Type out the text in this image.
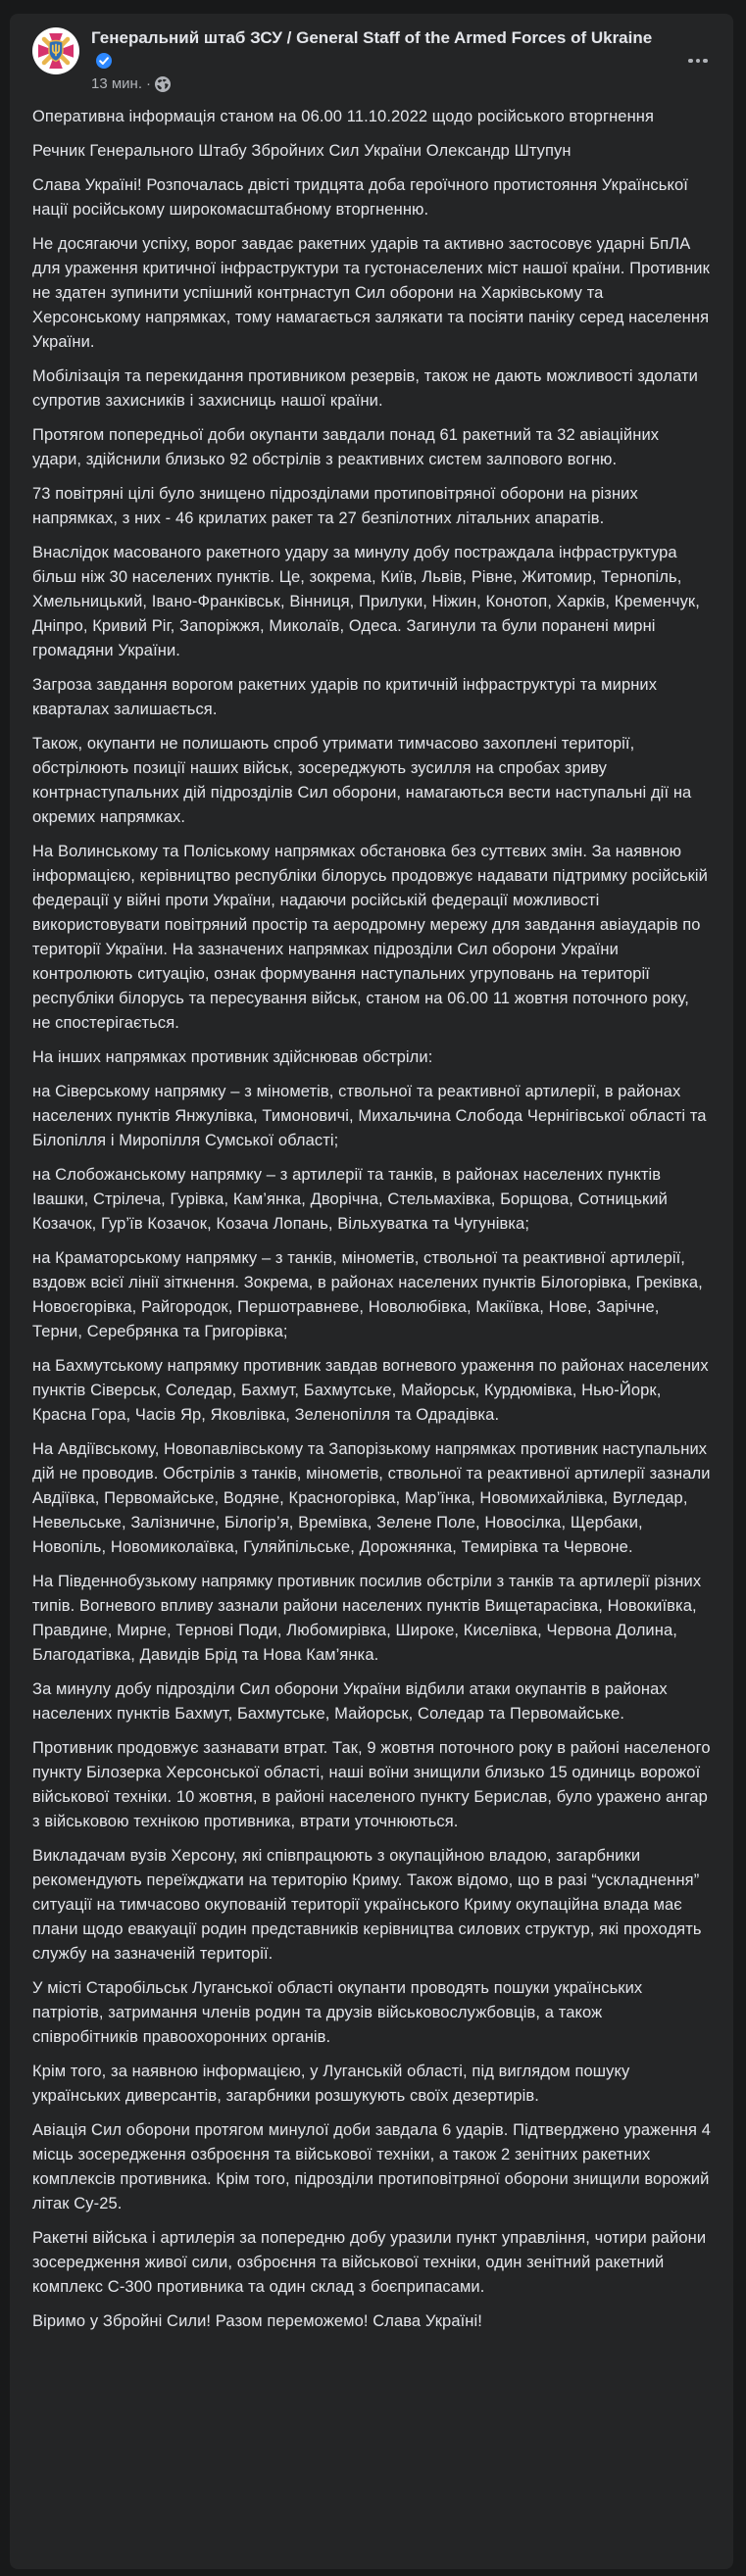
Генеральний штаб ЗСУ / General Staff of the Armed Forces of Ukraine
13 мин. ·

Оперативна інформація станом на 06.00 11.10.2022 щодо російського вторгнення

Речник Генерального Штабу Збройних Сил України Олександр Штупун

Слава Україні! Розпочалась двісті тридцята доба героїчного протистояння Української нації російському широкомасштабному вторгненню.

Не досягаючи успіху, ворог завдає ракетних ударів та активно застосовує ударні БпЛА для ураження критичної інфраструктури та густонаселених міст нашої країни. Противник не здатен зупинити успішний контрнаступ Сил оборони на Харківському та Херсонському напрямках, тому намагається залякати та посіяти паніку серед населення України.

Мобілізація та перекидання противником резервів, також не дають можливості здолати супротив захисників і захисниць нашої країни.

Протягом попередньої доби окупанти завдали понад 61 ракетний та 32 авіаційних удари, здійснили близько 92 обстрілів з реактивних систем залпового вогню.

73 повітряні цілі було знищено підрозділами протиповітряної оборони на різних напрямках, з них - 46 крилатих ракет та 27 безпілотних літальних апаратів.

Внаслідок масованого ракетного удару за минулу добу постраждала інфраструктура більш ніж 30 населених пунктів. Це, зокрема, Київ, Львів, Рівне, Житомир, Тернопіль, Хмельницький, Івано-Франківськ, Вінниця, Прилуки, Ніжин, Конотоп, Харків, Кременчук, Дніпро, Кривий Ріг, Запоріжжя, Миколаїв, Одеса. Загинули та були поранені мирні громадяни України.

Загроза завдання ворогом ракетних ударів по критичній інфраструктурі та мирних кварталах залишається.

Також, окупанти не полишають спроб утримати тимчасово захоплені території, обстрілюють позиції наших військ, зосереджують зусилля на спробах зриву контрнаступальних дій підрозділів Сил оборони, намагаються вести наступальні дії на окремих напрямках.

На Волинському та Поліському напрямках обстановка без суттєвих змін. За наявною інформацією, керівництво республіки білорусь продовжує надавати підтримку російській федерації у війні проти України, надаючи російській федерації можливості використовувати повітряний простір та аеродромну мережу для завдання авіаударів по території України. На зазначених напрямках підрозділи Сил оборони України контролюють ситуацію, ознак формування наступальних угруповань на території республіки білорусь та пересування військ, станом на 06.00 11 жовтня поточного року, не спостерігається.

На інших напрямках противник здійснював обстріли:

на Сіверському напрямку – з мінометів, ствольної та реактивної артилерії, в районах населених пунктів Янжулівка, Тимоновичі, Михальчина Слобода Чернігівської області та Білопілля і Миропілля Сумської області;

на Слобожанському напрямку – з артилерії та танків, в районах населених пунктів Івашки, Стрілеча, Гурівка, Кам’янка, Дворічна, Стельмахівка, Борщова, Сотницький Козачок, Гур’їв Козачок, Козача Лопань, Вільхуватка та Чугунівка;

на Краматорському напрямку – з танків, мінометів, ствольної та реактивної артилерії, вздовж всієї лінії зіткнення. Зокрема, в районах населених пунктів Білогорівка, Греківка, Новоєгорівка, Райгородок, Першотравневе, Новолюбівка, Макіївка, Нове, Зарічне, Терни, Серебрянка та Григорівка;

на Бахмутському напрямку противник завдав вогневого ураження по районах населених пунктів Сіверськ, Соледар, Бахмут, Бахмутське, Майорськ, Курдюмівка, Нью-Йорк, Красна Гора, Часів Яр, Яковлівка, Зеленопілля та Одрадівка.

На Авдіївському, Новопавлівському та Запорізькому напрямках противник наступальних дій не проводив. Обстрілів з танків, мінометів, ствольної та реактивної артилерії зазнали Авдіївка, Первомайське, Водяне, Красногорівка, Мар’їнка, Новомихайлівка, Вугледар, Невельське, Залізничне, Білогір’я, Времівка, Зелене Поле, Новосілка, Щербаки, Новопіль, Новомиколаївка, Гуляйпільське, Дорожнянка, Темирівка та Червоне.

На Південнобузькому напрямку противник посилив обстріли з танків та артилерії різних типів. Вогневого впливу зазнали райони населених пунктів Вищетарасівка, Новокиївка, Правдине, Мирне, Тернові Поди, Любомирівка, Широке, Киселівка, Червона Долина, Благодатівка, Давидів Брід та Нова Кам’янка.

За минулу добу підрозділи Сил оборони України відбили атаки окупантів в районах населених пунктів Бахмут, Бахмутське, Майорськ, Соледар та Первомайське.

Противник продовжує зазнавати втрат. Так, 9 жовтня поточного року в районі населеного пункту Білозерка Херсонської області, наші воїни знищили близько 15 одиниць ворожої військової техніки. 10 жовтня, в районі населеного пункту Берислав, було уражено ангар з військовою технікою противника, втрати уточнюються.

Викладачам вузів Херсону, які співпрацюють з окупаційною владою, загарбники рекомендують переїжджати на територію Криму. Також відомо, що в разі “ускладнення” ситуації на тимчасово окупованій території українського Криму окупаційна влада має плани щодо евакуації родин представників керівництва силових структур, які проходять службу на зазначеній території.

У місті Старобільськ Луганської області окупанти проводять пошуки українських патріотів, затримання членів родин та друзів військовослужбовців, а також співробітників правоохоронних органів.

Крім того, за наявною інформацією, у Луганській області, під виглядом пошуку українських диверсантів, загарбники розшукують своїх дезертирів.

Авіація Сил оборони протягом минулої доби завдала 6 ударів. Підтверджено ураження 4 місць зосередження озброєння та військової техніки, а також 2 зенітних ракетних комплексів противника. Крім того, підрозділи протиповітряної оборони знищили ворожий літак Су-25.

Ракетні війська і артилерія за попередню добу уразили пункт управління, чотири райони зосередження живої сили, озброєння та військової техніки, один зенітний ракетний комплекс С-300 противника та один склад з боєприпасами.

Віримо у Збройні Сили! Разом переможемо! Слава Україні!
